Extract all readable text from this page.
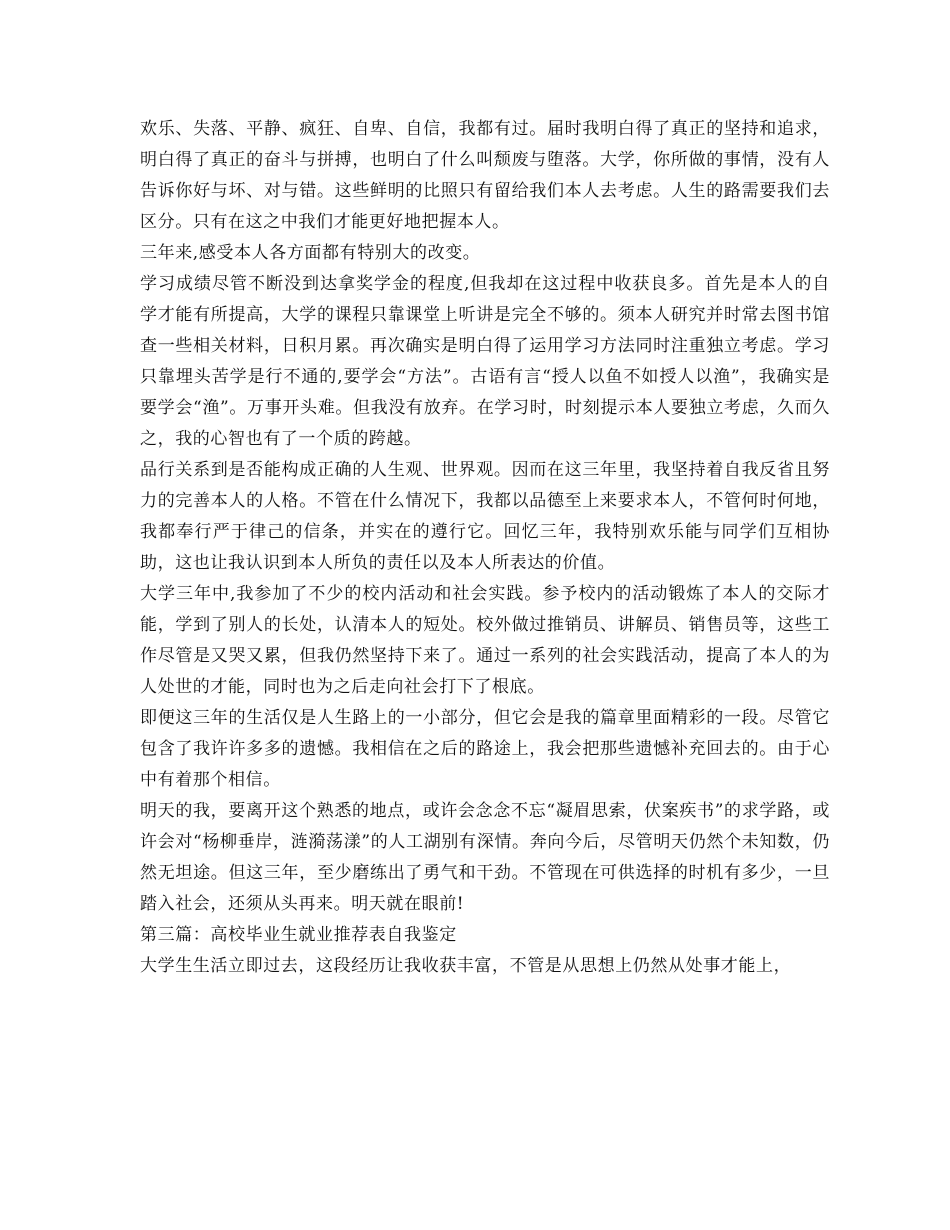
欢乐、失落、平静、疯狂、自卑、自信，我都有过。届时我明白得了真正的坚持和追求，明白得了真正的奋斗与拼搏，也明白了什么叫颓废与堕落。大学，你所做的事情，没有人告诉你好与坏、对与错。这些鲜明的比照只有留给我们本人去考虑。人生的路需要我们去区分。只有在这之中我们才能更好地把握本人。

三年来,感受本人各方面都有特别大的改变。

学习成绩尽管不断没到达拿奖学金的程度,但我却在这过程中收获良多。首先是本人的自学才能有所提高，大学的课程只靠课堂上听讲是完全不够的。须本人研究并时常去图书馆查一些相关材料，日积月累。再次确实是明白得了运用学习方法同时注重独立考虑。学习只靠埋头苦学是行不通的,要学会“方法”。古语有言“授人以鱼不如授人以渔”，我确实是要学会“渔”。万事开头难。但我没有放弃。在学习时，时刻提示本人要独立考虑，久而久之，我的心智也有了一个质的跨越。

品行关系到是否能构成正确的人生观、世界观。因而在这三年里，我坚持着自我反省且努力的完善本人的人格。不管在什么情况下，我都以品德至上来要求本人，不管何时何地，我都奉行严于律己的信条，并实在的遵行它。回忆三年，我特别欢乐能与同学们互相协助，这也让我认识到本人所负的责任以及本人所表达的价值。

大学三年中,我参加了不少的校内活动和社会实践。参予校内的活动锻炼了本人的交际才能，学到了别人的长处，认清本人的短处。校外做过推销员、讲解员、销售员等，这些工作尽管是又哭又累，但我仍然坚持下来了。通过一系列的社会实践活动，提高了本人的为人处世的才能，同时也为之后走向社会打下了根底。

即便这三年的生活仅是人生路上的一小部分，但它会是我的篇章里面精彩的一段。尽管它包含了我许许多多的遗憾。我相信在之后的路途上，我会把那些遗憾补充回去的。由于心中有着那个相信。

明天的我，要离开这个熟悉的地点，或许会念念不忘“凝眉思索，伏案疾书”的求学路，或许会对“杨柳垂岸，涟漪荡漾”的人工湖别有深情。奔向今后，尽管明天仍然个未知数，仍然无坦途。但这三年，至少磨练出了勇气和干劲。不管现在可供选择的时机有多少，一旦踏入社会，还须从头再来。明天就在眼前!

第三篇：高校毕业生就业推荐表自我鉴定

大学生生活立即过去，这段经历让我收获丰富，不管是从思想上仍然从处事才能上，
